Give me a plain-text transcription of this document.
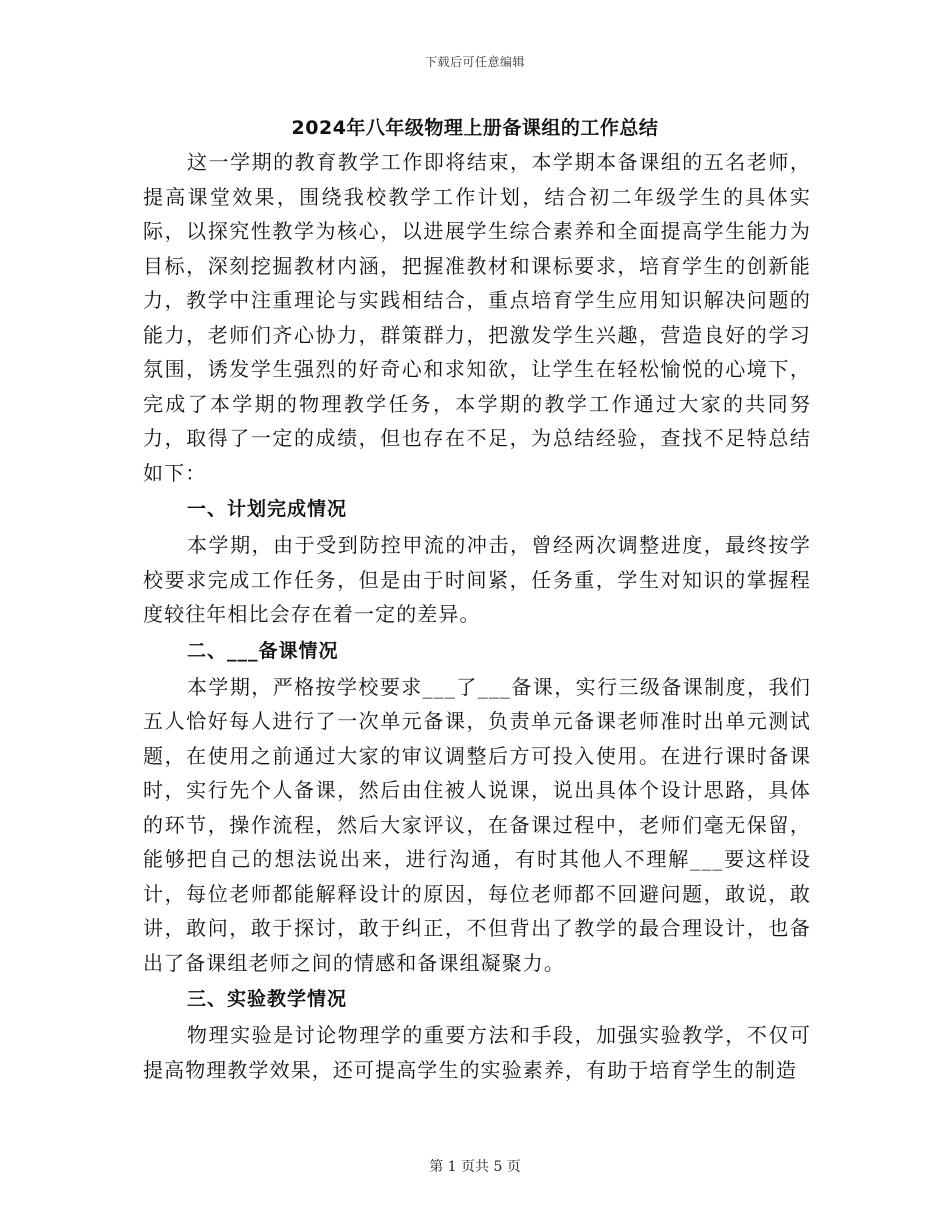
下载后可任意编辑
2024年八年级物理上册备课组的工作总结

这一学期的教育教学工作即将结束，本学期本备课组的五名老师，提高课堂效果，围绕我校教学工作计划，结合初二年级学生的具体实际，以探究性教学为核心，以进展学生综合素养和全面提高学生能力为目标，深刻挖掘教材内涵，把握准教材和课标要求，培育学生的创新能力，教学中注重理论与实践相结合，重点培育学生应用知识解决问题的能力，老师们齐心协力，群策群力，把激发学生兴趣，营造良好的学习氛围，诱发学生强烈的好奇心和求知欲，让学生在轻松愉悦的心境下，完成了本学期的物理教学任务，本学期的教学工作通过大家的共同努力，取得了一定的成绩，但也存在不足，为总结经验，查找不足特总结如下：

一、计划完成情况

本学期，由于受到防控甲流的冲击，曾经两次调整进度，最终按学校要求完成工作任务，但是由于时间紧，任务重，学生对知识的掌握程度较往年相比会存在着一定的差异。

二、___备课情况

本学期，严格按学校要求___了___备课，实行三级备课制度，我们五人恰好每人进行了一次单元备课，负责单元备课老师准时出单元测试题，在使用之前通过大家的审议调整后方可投入使用。在进行课时备课时，实行先个人备课，然后由住被人说课，说出具体个设计思路，具体的环节，操作流程，然后大家评议，在备课过程中，老师们毫无保留，能够把自己的想法说出来，进行沟通，有时其他人不理解___要这样设计，每位老师都能解释设计的原因，每位老师都不回避问题，敢说，敢讲，敢问，敢于探讨，敢于纠正，不但背出了教学的最合理设计，也备出了备课组老师之间的情感和备课组凝聚力。

三、实验教学情况

物理实验是讨论物理学的重要方法和手段，加强实验教学，不仅可提高物理教学效果，还可提高学生的实验素养，有助于培育学生的制造

第 1 页共 5 页
